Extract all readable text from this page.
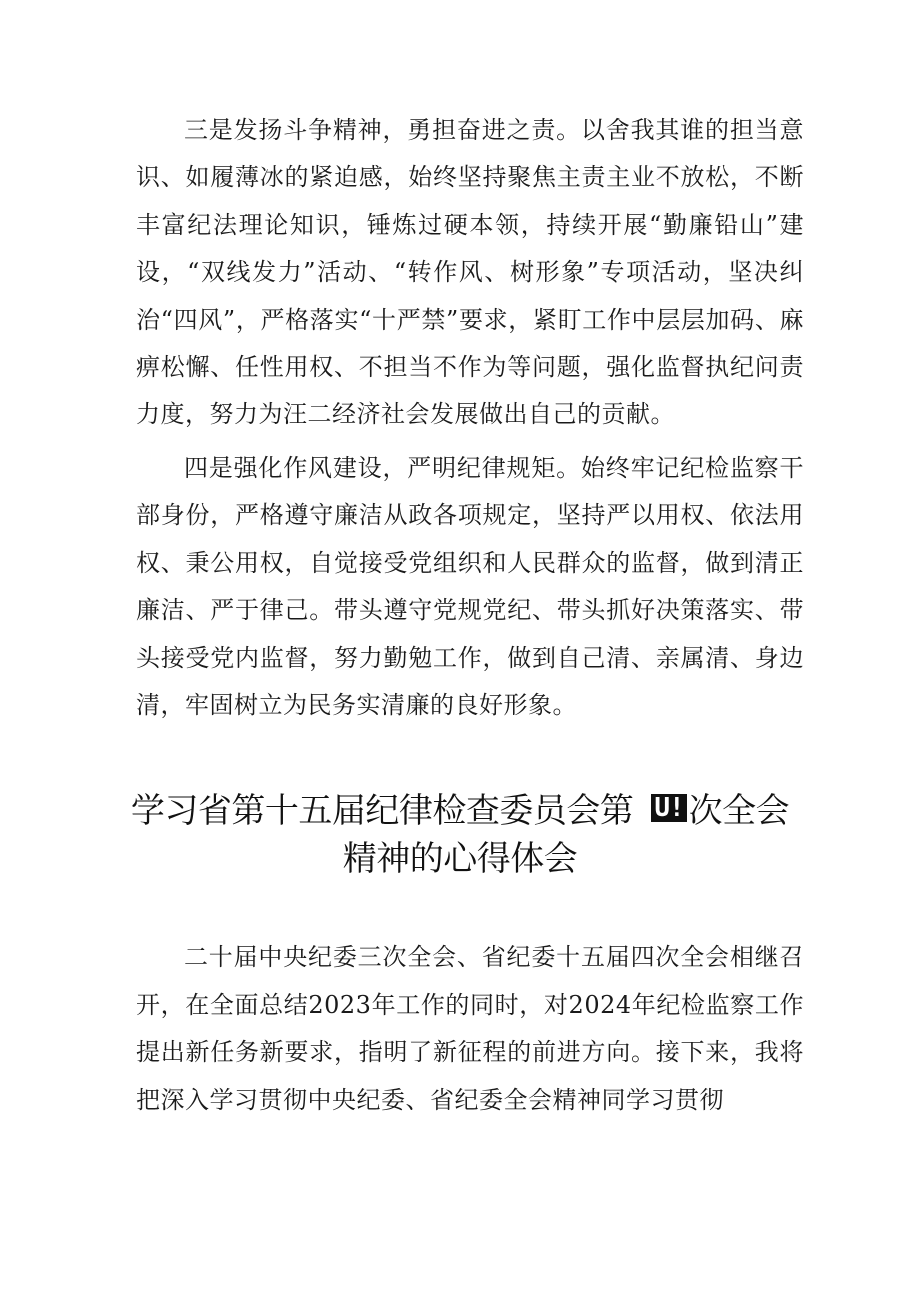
三是发扬斗争精神，勇担奋进之责。以舍我其谁的担当意识、如履薄冰的紧迫感，始终坚持聚焦主责主业不放松，不断丰富纪法理论知识，锤炼过硬本领，持续开展“勤廉铅山”建设，“双线发力”活动、“转作风、树形象”专项活动，坚决纠治“四风”，严格落实“十严禁”要求，紧盯工作中层层加码、麻痹松懈、任性用权、不担当不作为等问题，强化监督执纪问责力度，努力为汪二经济社会发展做出自己的贡献。

四是强化作风建设，严明纪律规矩。始终牢记纪检监察干部身份，严格遵守廉洁从政各项规定，坚持严以用权、依法用权、秉公用权，自觉接受党组织和人民群众的监督，做到清正廉洁、严于律己。带头遵守党规党纪、带头抓好决策落实、带头接受党内监督，努力勤勉工作，做到自己清、亲属清、身边清，牢固树立为民务实清廉的良好形象。

学习省第十五届纪律检查委员会第 U! 次全会精神的心得体会

二十届中央纪委三次全会、省纪委十五届四次全会相继召开，在全面总结2023年工作的同时，对2024年纪检监察工作提出新任务新要求，指明了新征程的前进方向。接下来，我将把深入学习贯彻中央纪委、省纪委全会精神同学习贯彻
